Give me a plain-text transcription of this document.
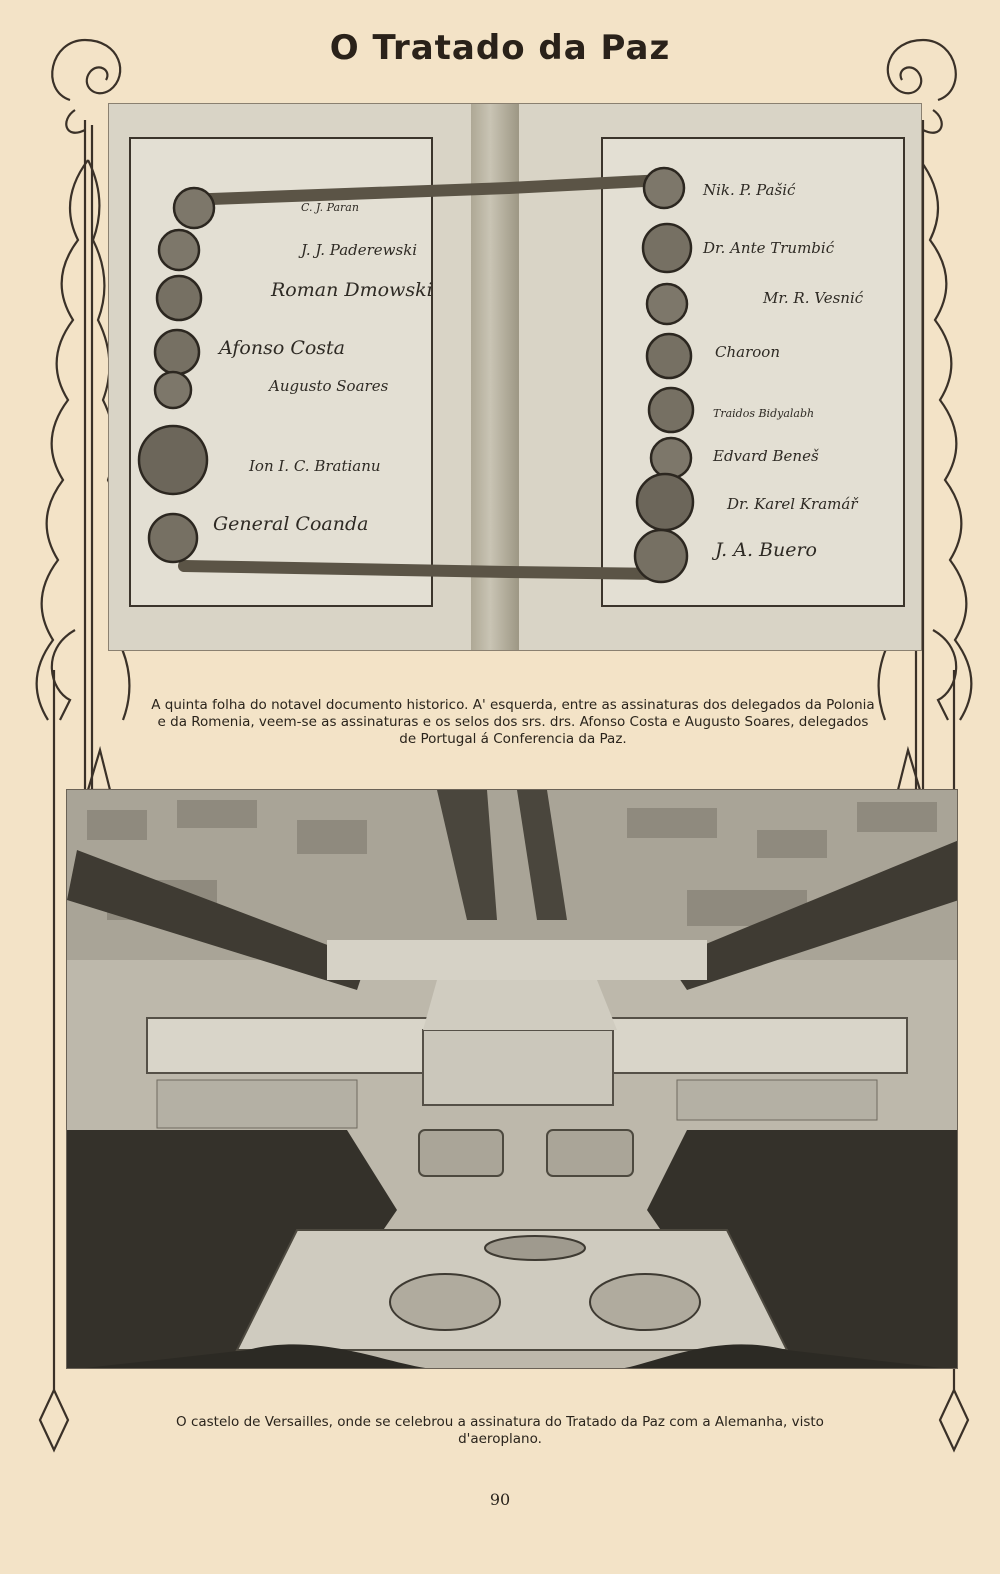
O Tratado da Paz
C. J. Paran
J. J. Paderewski
Roman Dmowski
Afonso Costa
Augusto Soares
Ion I. C. Bratianu
General Coanda
Nik. P. Pašić
Dr. Ante Trumbić
Mr. R. Vesnić
Charoon
Traidos Bidyalabh
Edvard Beneš
Dr. Karel Kramář
J. A. Buero
A quinta folha do notavel documento historico. A' esquerda, entre as assinaturas dos delegados da Polonia e da Romenia, veem-se as assinaturas e os selos dos srs. drs. Afonso Costa e Augusto Soares, delegados de Portugal á Conferencia da Paz.
O castelo de Versailles, onde se celebrou a assinatura do Tratado da Paz com a Alemanha, visto d'aeroplano.
90
